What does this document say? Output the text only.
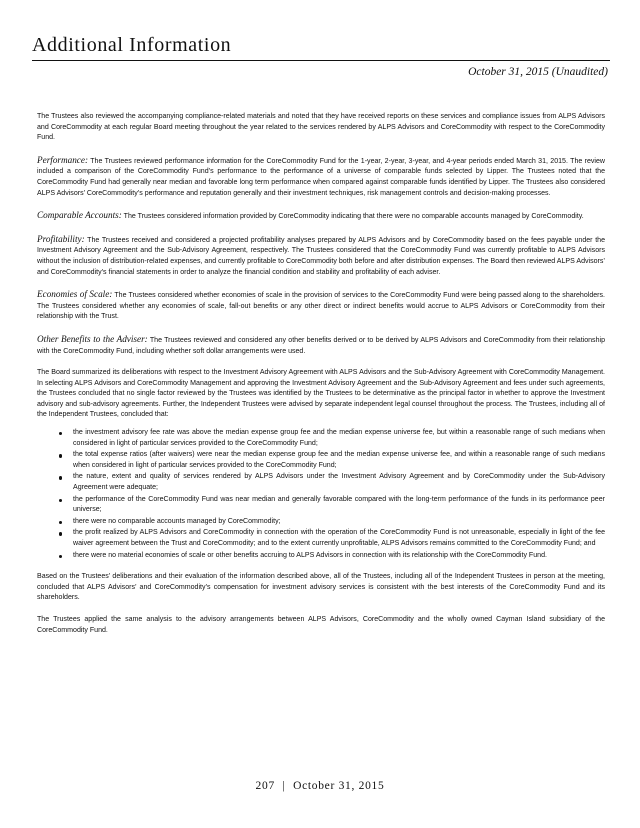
Additional Information
October 31, 2015 (Unaudited)

The Trustees also reviewed the accompanying compliance-related materials and noted that they have received reports on these services and compliance issues from ALPS Advisors and CoreCommodity at each regular Board meeting throughout the year related to the services rendered by ALPS Advisors and CoreCommodity with respect to the CoreCommodity Fund.

Performance: The Trustees reviewed performance information for the CoreCommodity Fund for the 1-year, 2-year, 3-year, and 4-year periods ended March 31, 2015. The review included a comparison of the CoreCommodity Fund’s performance to the performance of a universe of comparable funds selected by Lipper. The Trustees noted that the CoreCommodity Fund had generally near median and favorable long term performance when compared against comparable funds identified by Lipper. The Trustees also considered ALPS Advisors’ CoreCommodity’s performance and reputation generally and their investment techniques, risk management controls and decision-making processes.

Comparable Accounts: The Trustees considered information provided by CoreCommodity indicating that there were no comparable accounts managed by CoreCommodity.

Profitability: The Trustees received and considered a projected profitability analyses prepared by ALPS Advisors and by CoreCommodity based on the fees payable under the Investment Advisory Agreement and the Sub-Advisory Agreement, respectively. The Trustees considered that the CoreCommodity Fund was currently profitable to ALPS Advisors without the inclusion of distribution-related expenses, and currently profitable to CoreCommodity both before and after distribution expenses. The Board then reviewed ALPS Advisors’ and CoreCommodity’s financial statements in order to analyze the financial condition and stability and profitability of each adviser.

Economies of Scale: The Trustees considered whether economies of scale in the provision of services to the CoreCommodity Fund were being passed along to the shareholders. The Trustees considered whether any economies of scale, fall-out benefits or any other direct or indirect benefits would accrue to ALPS Advisors or CoreCommodity from their relationship with the Trust.

Other Benefits to the Adviser: The Trustees reviewed and considered any other benefits derived or to be derived by ALPS Advisors and CoreCommodity from their relationship with the CoreCommodity Fund, including whether soft dollar arrangements were used.

The Board summarized its deliberations with respect to the Investment Advisory Agreement with ALPS Advisors and the Sub-Advisory Agreement with CoreCommodity Management. In selecting ALPS Advisors and CoreCommodity Management and approving the Investment Advisory Agreement and the Sub-Advisory Agreement and fees under such agreements, the Trustees concluded that no single factor reviewed by the Trustees was identified by the Trustees to be determinative as the principal factor in whether to approve the Investment advisory and sub-advisory agreements. Further, the Independent Trustees were advised by separate independent legal counsel throughout the process. The Trustees, including all of the Independent Trustees, concluded that:

the investment advisory fee rate was above the median expense group fee and the median expense universe fee, but within a reasonable range of such medians when considered in light of particular services provided to the CoreCommodity Fund;
the total expense ratios (after waivers) were near the median expense group fee and the median expense universe fee, and within a reasonable range of such medians when considered in light of particular services provided to the CoreCommodity Fund;
the nature, extent and quality of services rendered by ALPS Advisors under the Investment Advisory Agreement and by CoreCommodity under the Sub-Advisory Agreement were adequate;
the performance of the CoreCommodity Fund was near median and generally favorable compared with the long-term performance of the funds in its performance peer universe;
there were no comparable accounts managed by CoreCommodity;
the profit realized by ALPS Advisors and CoreCommodity in connection with the operation of the CoreCommodity Fund is not unreasonable, especially in light of the fee waiver agreement between the Trust and CoreCommodity; and to the extent currently unprofitable, ALPS Advisors remains committed to the CoreCommodity Fund; and
there were no material economies of scale or other benefits accruing to ALPS Advisors in connection with its relationship with the CoreCommodity Fund.

Based on the Trustees’ deliberations and their evaluation of the information described above, all of the Trustees, including all of the Independent Trustees in person at the meeting, concluded that ALPS Advisors’ and CoreCommodity’s compensation for investment advisory services is consistent with the best interests of the CoreCommodity Fund and its shareholders.

The Trustees applied the same analysis to the advisory arrangements between ALPS Advisors, CoreCommodity and the wholly owned Cayman Island subsidiary of the CoreCommodity Fund.

207 | October 31, 2015
